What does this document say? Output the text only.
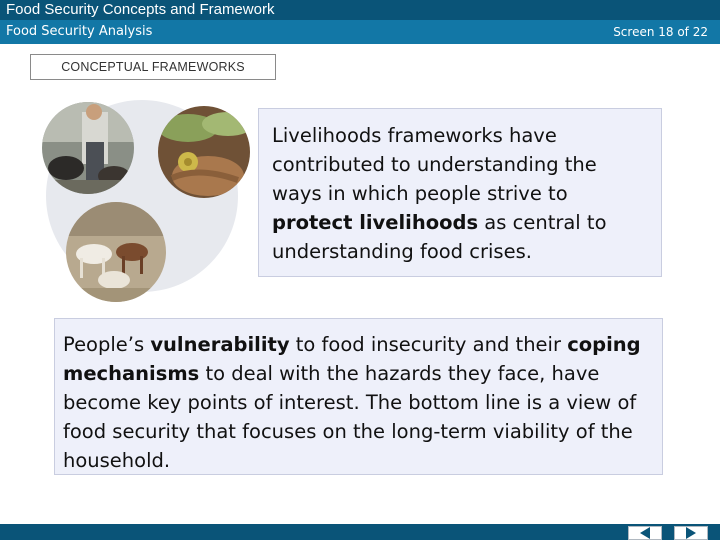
Food Security Concepts and Framework
Food Security Analysis	Screen 18 of 22
CONCEPTUAL FRAMEWORKS
Livelihoods frameworks have contributed to understanding the ways in which people strive to protect livelihoods as central to understanding food crises.
People’s vulnerability to food insecurity and their coping mechanisms to deal with the hazards they face, have become key points of interest. The bottom line is a view of food security that focuses on the long-term viability of the household.
